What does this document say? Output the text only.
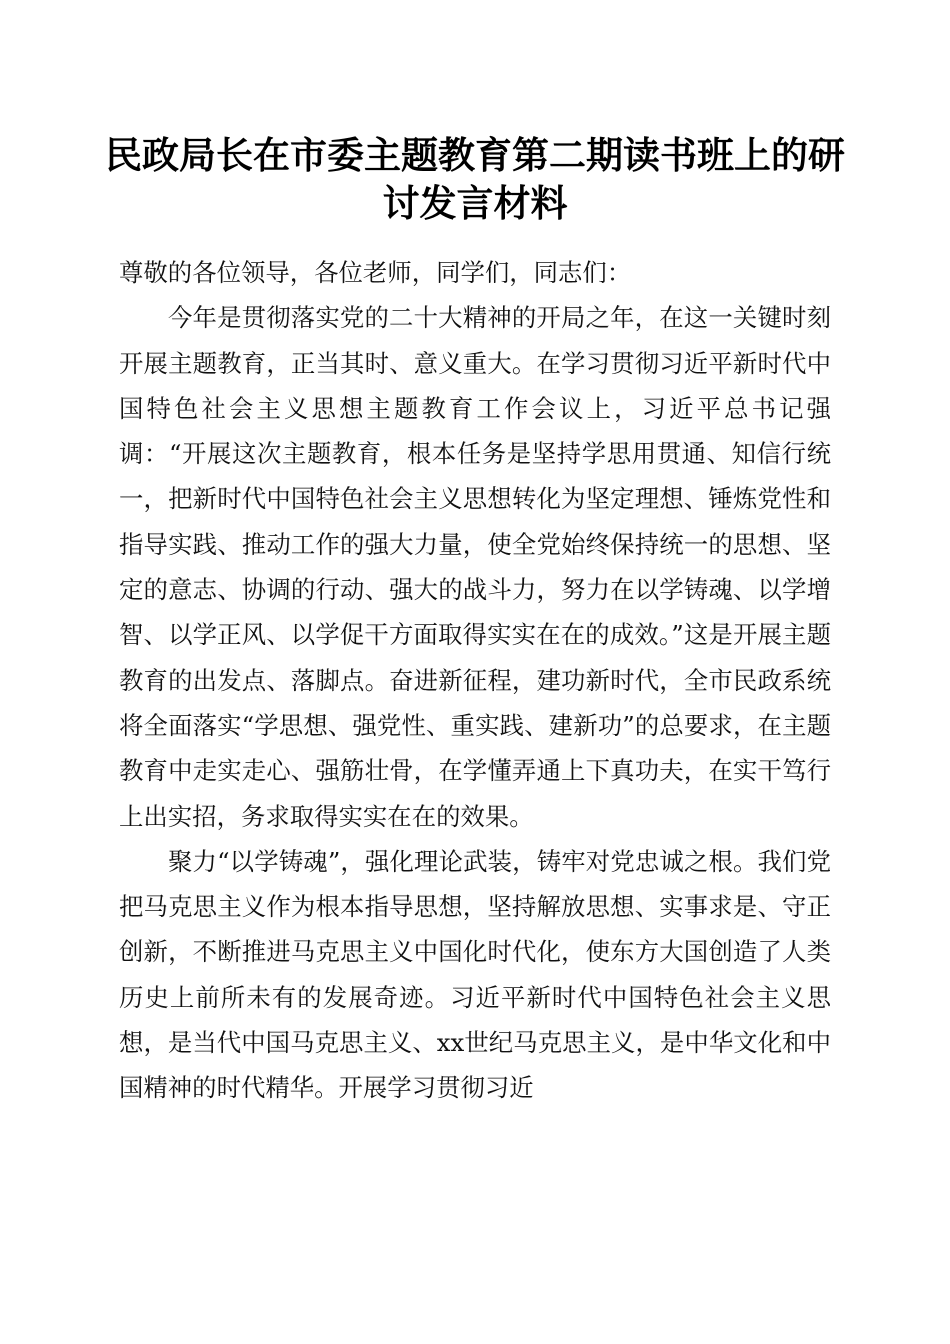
民政局长在市委主题教育第二期读书班上的研讨发言材料

尊敬的各位领导，各位老师，同学们，同志们：

今年是贯彻落实党的二十大精神的开局之年，在这一关键时刻开展主题教育，正当其时、意义重大。在学习贯彻习近平新时代中国特色社会主义思想主题教育工作会议上，习近平总书记强调：“开展这次主题教育，根本任务是坚持学思用贯通、知信行统一，把新时代中国特色社会主义思想转化为坚定理想、锤炼党性和指导实践、推动工作的强大力量，使全党始终保持统一的思想、坚定的意志、协调的行动、强大的战斗力，努力在以学铸魂、以学增智、以学正风、以学促干方面取得实实在在的成效。”这是开展主题教育的出发点、落脚点。奋进新征程，建功新时代，全市民政系统将全面落实“学思想、强党性、重实践、建新功”的总要求，在主题教育中走实走心、强筋壮骨，在学懂弄通上下真功夫，在实干笃行上出实招，务求取得实实在在的效果。

聚力“以学铸魂”，强化理论武装，铸牢对党忠诚之根。我们党把马克思主义作为根本指导思想，坚持解放思想、实事求是、守正创新，不断推进马克思主义中国化时代化，使东方大国创造了人类历史上前所未有的发展奇迹。习近平新时代中国特色社会主义思想，是当代中国马克思主义、xx世纪马克思主义，是中华文化和中国精神的时代精华。开展学习贯彻习近
